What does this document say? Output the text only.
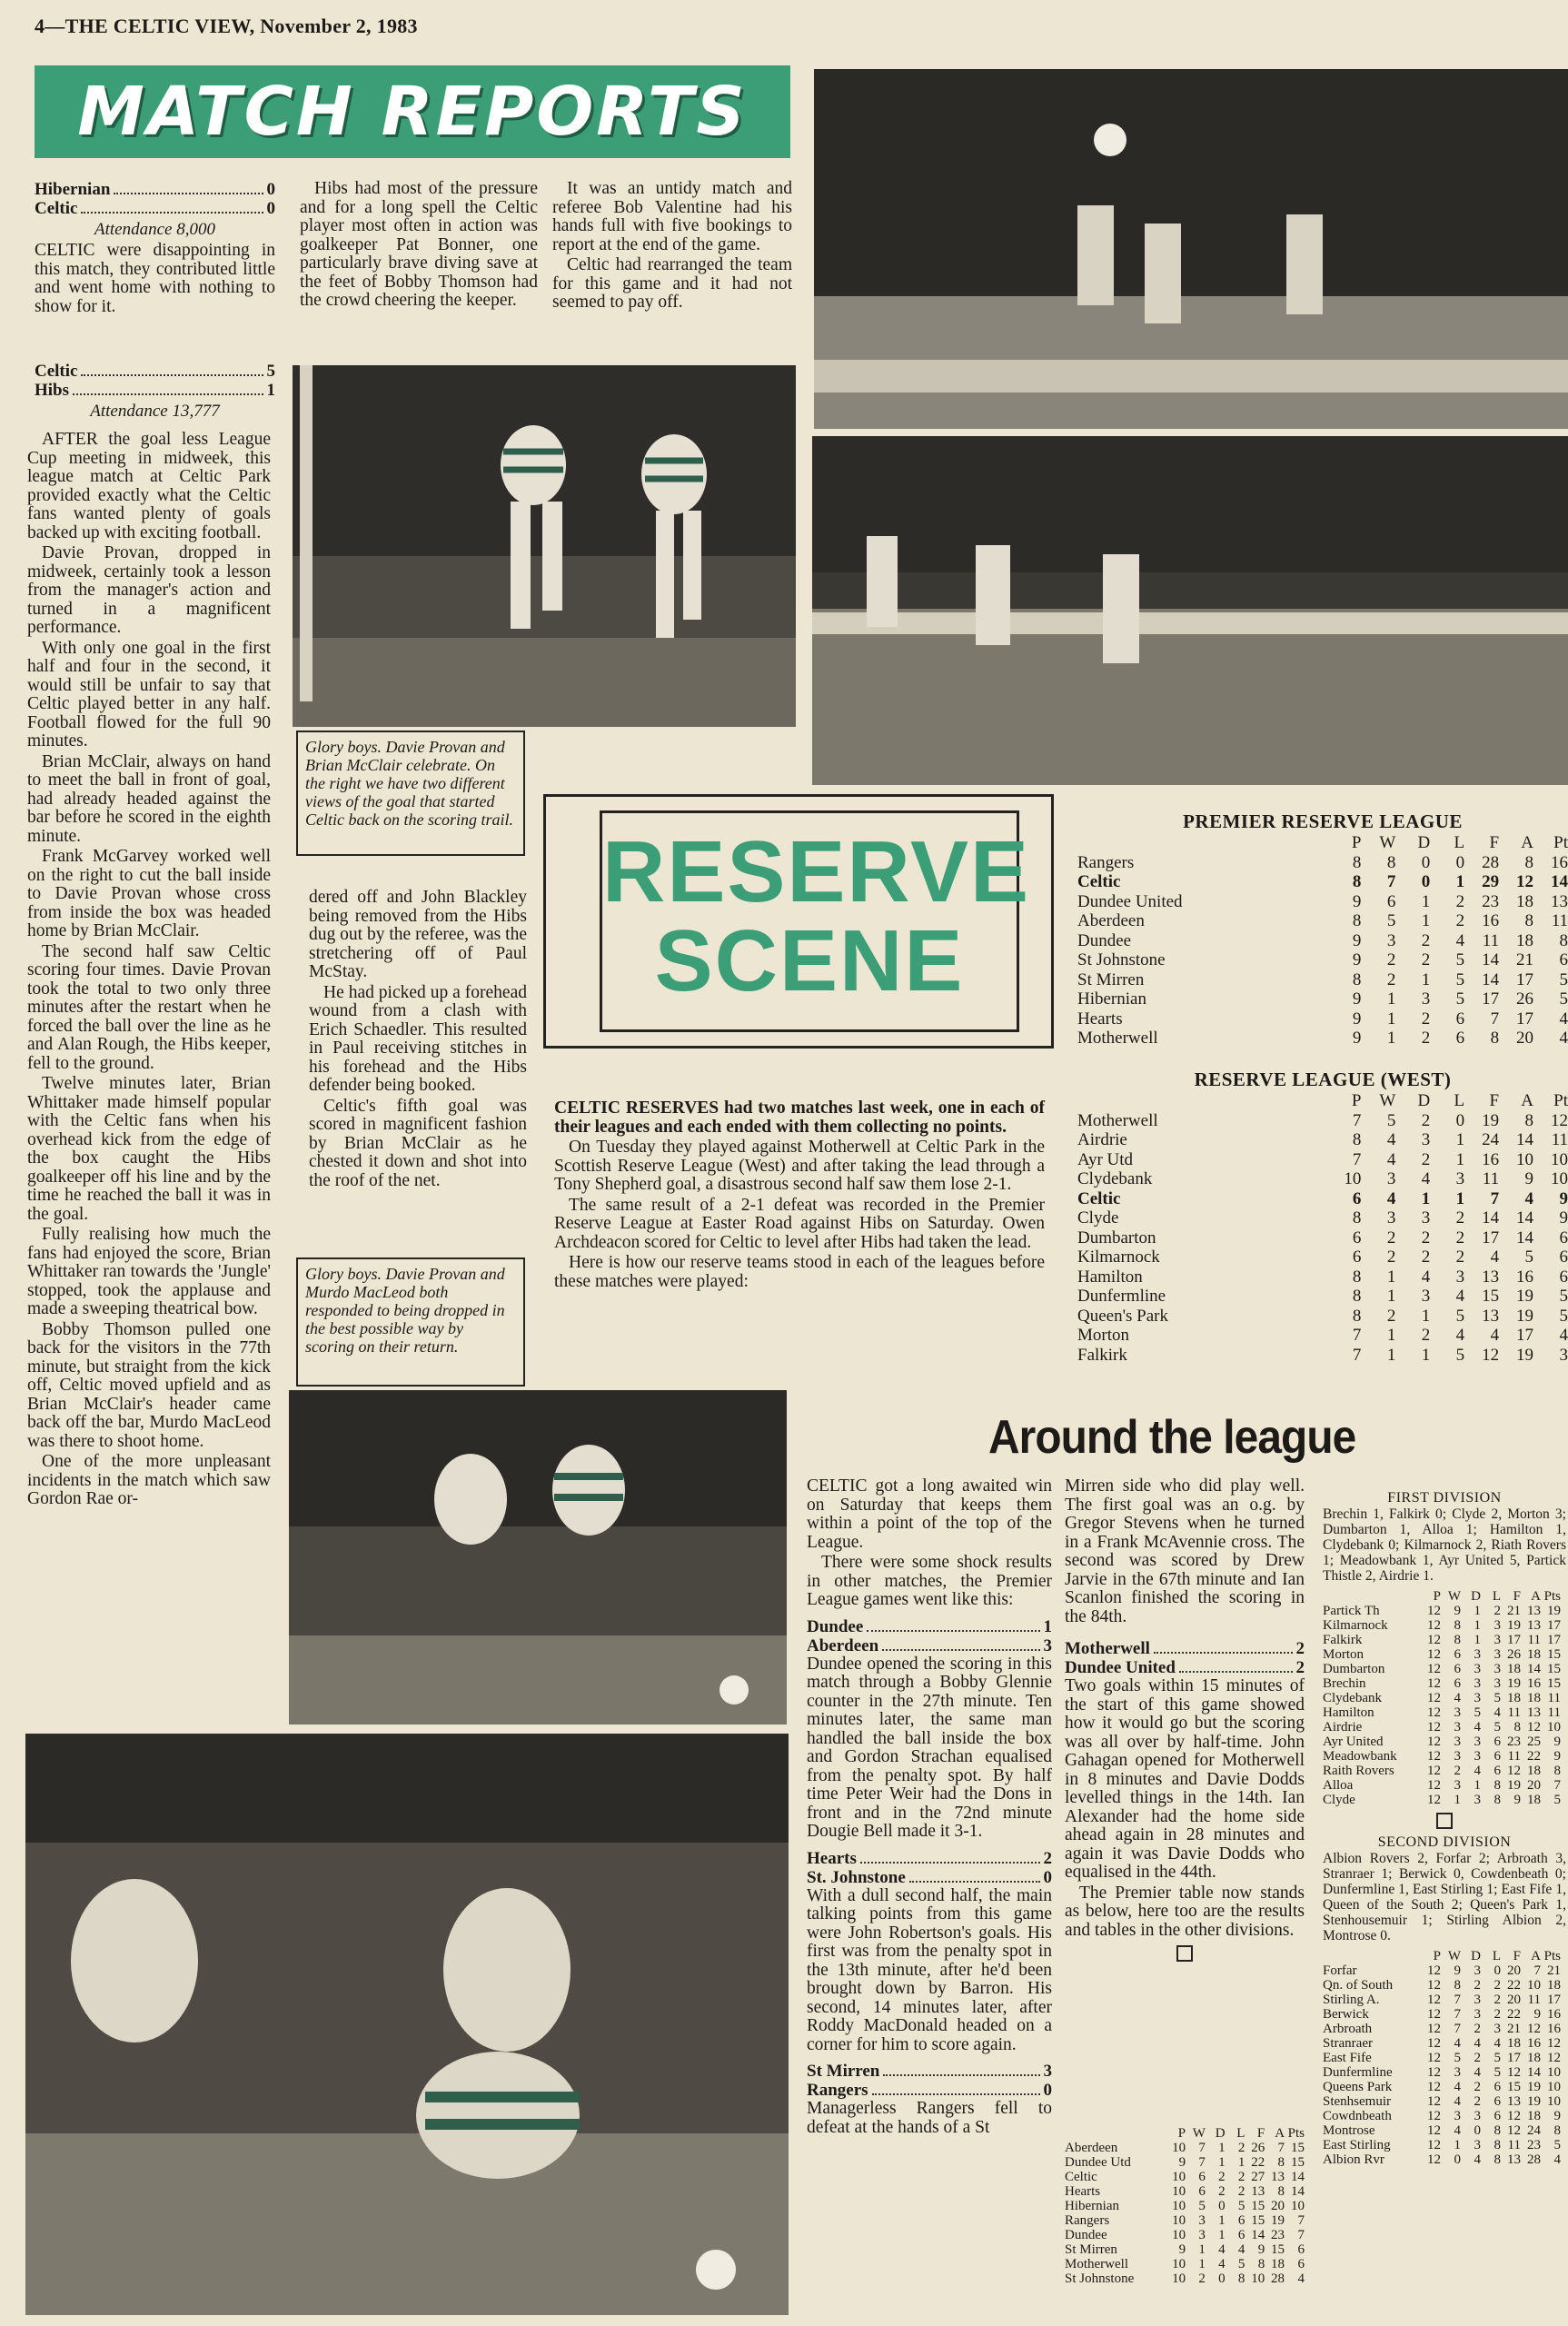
4—THE CELTIC VIEW, November 2, 1983
MATCH REPORTS
Hibernian	0
Celtic	0
Attendance 8,000
CELTIC were disappointing in this match, they contributed little and went home with nothing to show for it.

Hibs had most of the pressure and for a long spell the Celtic player most often in action was goalkeeper Pat Bonner, one particularly brave diving save at the feet of Bobby Thomson had the crowd cheering the keeper.

It was an untidy match and referee Bob Valentine had his hands full with five bookings to report at the end of the game.

Celtic had rearranged the team for this game and it had not seemed to pay off.

Celtic	5
Hibs	1
Attendance 13,777

AFTER the goal less League Cup meeting in midweek, this league match at Celtic Park provided exactly what the Celtic fans wanted plenty of goals backed up with exciting football.

Davie Provan, dropped in midweek, certainly took a lesson from the manager's action and turned in a magnificent performance.

With only one goal in the first half and four in the second, it would still be unfair to say that Celtic played better in any half. Football flowed for the full 90 minutes.

Brian McClair, always on hand to meet the ball in front of goal, had already headed against the bar before he scored in the eighth minute.

Frank McGarvey worked well on the right to cut the ball inside to Davie Provan whose cross from inside the box was headed home by Brian McClair.

The second half saw Celtic scoring four times. Davie Provan took the total to two only three minutes after the restart when he forced the ball over the line as he and Alan Rough, the Hibs keeper, fell to the ground.

Twelve minutes later, Brian Whittaker made himself popular with the Celtic fans when his overhead kick from the edge of the box caught the Hibs goalkeeper off his line and by the time he reached the ball it was in the goal.

Fully realising how much the fans had enjoyed the score, Brian Whittaker ran towards the 'Jungle' stopped, took the applause and made a sweeping theatrical bow.

Bobby Thomson pulled one back for the visitors in the 77th minute, but straight from the kick off, Celtic moved upfield and as Brian McClair's header came back off the bar, Murdo MacLeod was there to shoot home.

One of the more unpleasant incidents in the match which saw Gordon Rae or-

Glory boys. Davie Provan and Brian McClair celebrate. On the right we have two different views of the goal that started Celtic back on the scoring trail.

dered off and John Blackley being removed from the Hibs dug out by the referee, was the stretchering off of Paul McStay.

He had picked up a forehead wound from a clash with Erich Schaedler. This resulted in Paul receiving stitches in his forehead and the Hibs defender being booked.

Celtic's fifth goal was scored in magnificent fashion by Brian McClair as he chested it down and shot into the roof of the net.

Glory boys. Davie Provan and Murdo MacLeod both responded to being dropped in the best possible way by scoring on their return.
RESERVE
SCENE

CELTIC RESERVES had two matches last week, one in each of their leagues and each ended with them collecting no points.

On Tuesday they played against Motherwell at Celtic Park in the Scottish Reserve League (West) and after taking the lead through a Tony Shepherd goal, a disastrous second half saw them lose 2-1.

The same result of a 2-1 defeat was recorded in the Premier Reserve League at Easter Road against Hibs on Saturday. Owen Archdeacon scored for Celtic to level after Hibs had taken the lead.

Here is how our reserve teams stood in each of the leagues before these matches were played:

PREMIER RESERVE LEAGUE
	P	W	D	L	F	A	Pt
Rangers	8	8	0	0	28	8	16
Celtic	8	7	0	1	29	12	14
Dundee United	9	6	1	2	23	18	13
Aberdeen	8	5	1	2	16	8	11
Dundee	9	3	2	4	11	18	8
St Johnstone	9	2	2	5	14	21	6
St Mirren	8	2	1	5	14	17	5
Hibernian	9	1	3	5	17	26	5
Hearts	9	1	2	6	7	17	4
Motherwell	9	1	2	6	8	20	4
RESERVE LEAGUE (WEST)
	P	W	D	L	F	A	Pt
Motherwell	7	5	2	0	19	8	12
Airdrie	8	4	3	1	24	14	11
Ayr Utd	7	4	2	1	16	10	10
Clydebank	10	3	4	3	11	9	10
Celtic	6	4	1	1	7	4	9
Clyde	8	3	3	2	14	14	9
Dumbarton	6	2	2	2	17	14	6
Kilmarnock	6	2	2	2	4	5	6
Hamilton	8	1	4	3	13	16	6
Dunfermline	8	1	3	4	15	19	5
Queen's Park	8	2	1	5	13	19	5
Morton	7	1	2	4	4	17	4
Falkirk	7	1	1	5	12	19	3
Around the league

CELTIC got a long awaited win on Saturday that keeps them within a point of the top of the League.

There were some shock results in other matches, the Premier League games went like this:

Dundee	1
Aberdeen	3

Dundee opened the scoring in this match through a Bobby Glennie counter in the 27th minute. Ten minutes later, the same man handled the ball inside the box and Gordon Strachan equalised from the penalty spot. By half time Peter Weir had the Dons in front and in the 72nd minute Dougie Bell made it 3-1.

Hearts	2
St. Johnstone	0

With a dull second half, the main talking points from this game were John Robertson's goals. His first was from the penalty spot in the 13th minute, after he'd been brought down by Barron. His second, 14 minutes later, after Roddy MacDonald headed on a corner for him to score again.

St Mirren	3
Rangers	0

Managerless Rangers fell to defeat at the hands of a St

Mirren side who did play well. The first goal was an o.g. by Gregor Stevens when he turned in a Frank McAvennie cross. The second was scored by Drew Jarvie in the 67th minute and Ian Scanlon finished the scoring in the 84th.

Motherwell	2
Dundee United	2

Two goals within 15 minutes of the start of this game showed how it would go but the scoring was all over by half-time. John Gahagan opened for Motherwell in 8 minutes and Davie Dodds levelled things in the 14th. Ian Alexander had the home side ahead again in 28 minutes and again it was Davie Dodds who equalised in the 44th.

The Premier table now stands as below, here too are the results and tables in the other divisions.

	P	W	D	L	F	A	Pts
Aberdeen	10	7	1	2	26	7	15
Dundee Utd	9	7	1	1	22	8	15
Celtic	10	6	2	2	27	13	14
Hearts	10	6	2	2	13	8	14
Hibernian	10	5	0	5	15	20	10
Rangers	10	3	1	6	15	19	7
Dundee	10	3	1	6	14	23	7
St Mirren	9	1	4	4	9	15	6
Motherwell	10	1	4	5	8	18	6
St Johnstone	10	2	0	8	10	28	4
FIRST DIVISION
Brechin 1, Falkirk 0; Clyde 2, Morton 3; Dumbarton 1, Alloa 1; Hamilton 1, Clydebank 0; Kilmarnock 2, Riath Rovers 1; Meadowbank 1, Ayr United 5, Partick Thistle 2, Airdrie 1.
	P	W	D	L	F	A	Pts
Partick Th	12	9	1	2	21	13	19
Kilmarnock	12	8	1	3	19	13	17
Falkirk	12	8	1	3	17	11	17
Morton	12	6	3	3	26	18	15
Dumbarton	12	6	3	3	18	14	15
Brechin	12	6	3	3	19	16	15
Clydebank	12	4	3	5	18	18	11
Hamilton	12	3	5	4	11	13	11
Airdrie	12	3	4	5	8	12	10
Ayr United	12	3	3	6	23	25	9
Meadowbank	12	3	3	6	11	22	9
Raith Rovers	12	2	4	6	12	18	8
Alloa	12	3	1	8	19	20	7
Clyde	12	1	3	8	9	18	5
SECOND DIVISION
Albion Rovers 2, Forfar 2; Arbroath 3, Stranraer 1; Berwick 0, Cowdenbeath 0; Dunfermline 1, East Stirling 1; East Fife 1, Queen of the South 2; Queen's Park 1, Stenhousemuir 1; Stirling Albion 2, Montrose 0.
	P	W	D	L	F	A	Pts
Forfar	12	9	3	0	20	7	21
Qn. of South	12	8	2	2	22	10	18
Stirling A.	12	7	3	2	20	11	17
Berwick	12	7	3	2	22	9	16
Arbroath	12	7	2	3	21	12	16
Stranraer	12	4	4	4	18	16	12
East Fife	12	5	2	5	17	18	12
Dunfermline	12	3	4	5	12	14	10
Queens Park	12	4	2	6	15	19	10
Stenhsemuir	12	4	2	6	13	19	10
Cowdnbeath	12	3	3	6	12	18	9
Montrose	12	4	0	8	12	24	8
East Stirling	12	1	3	8	11	23	5
Albion Rvr	12	0	4	8	13	28	4
